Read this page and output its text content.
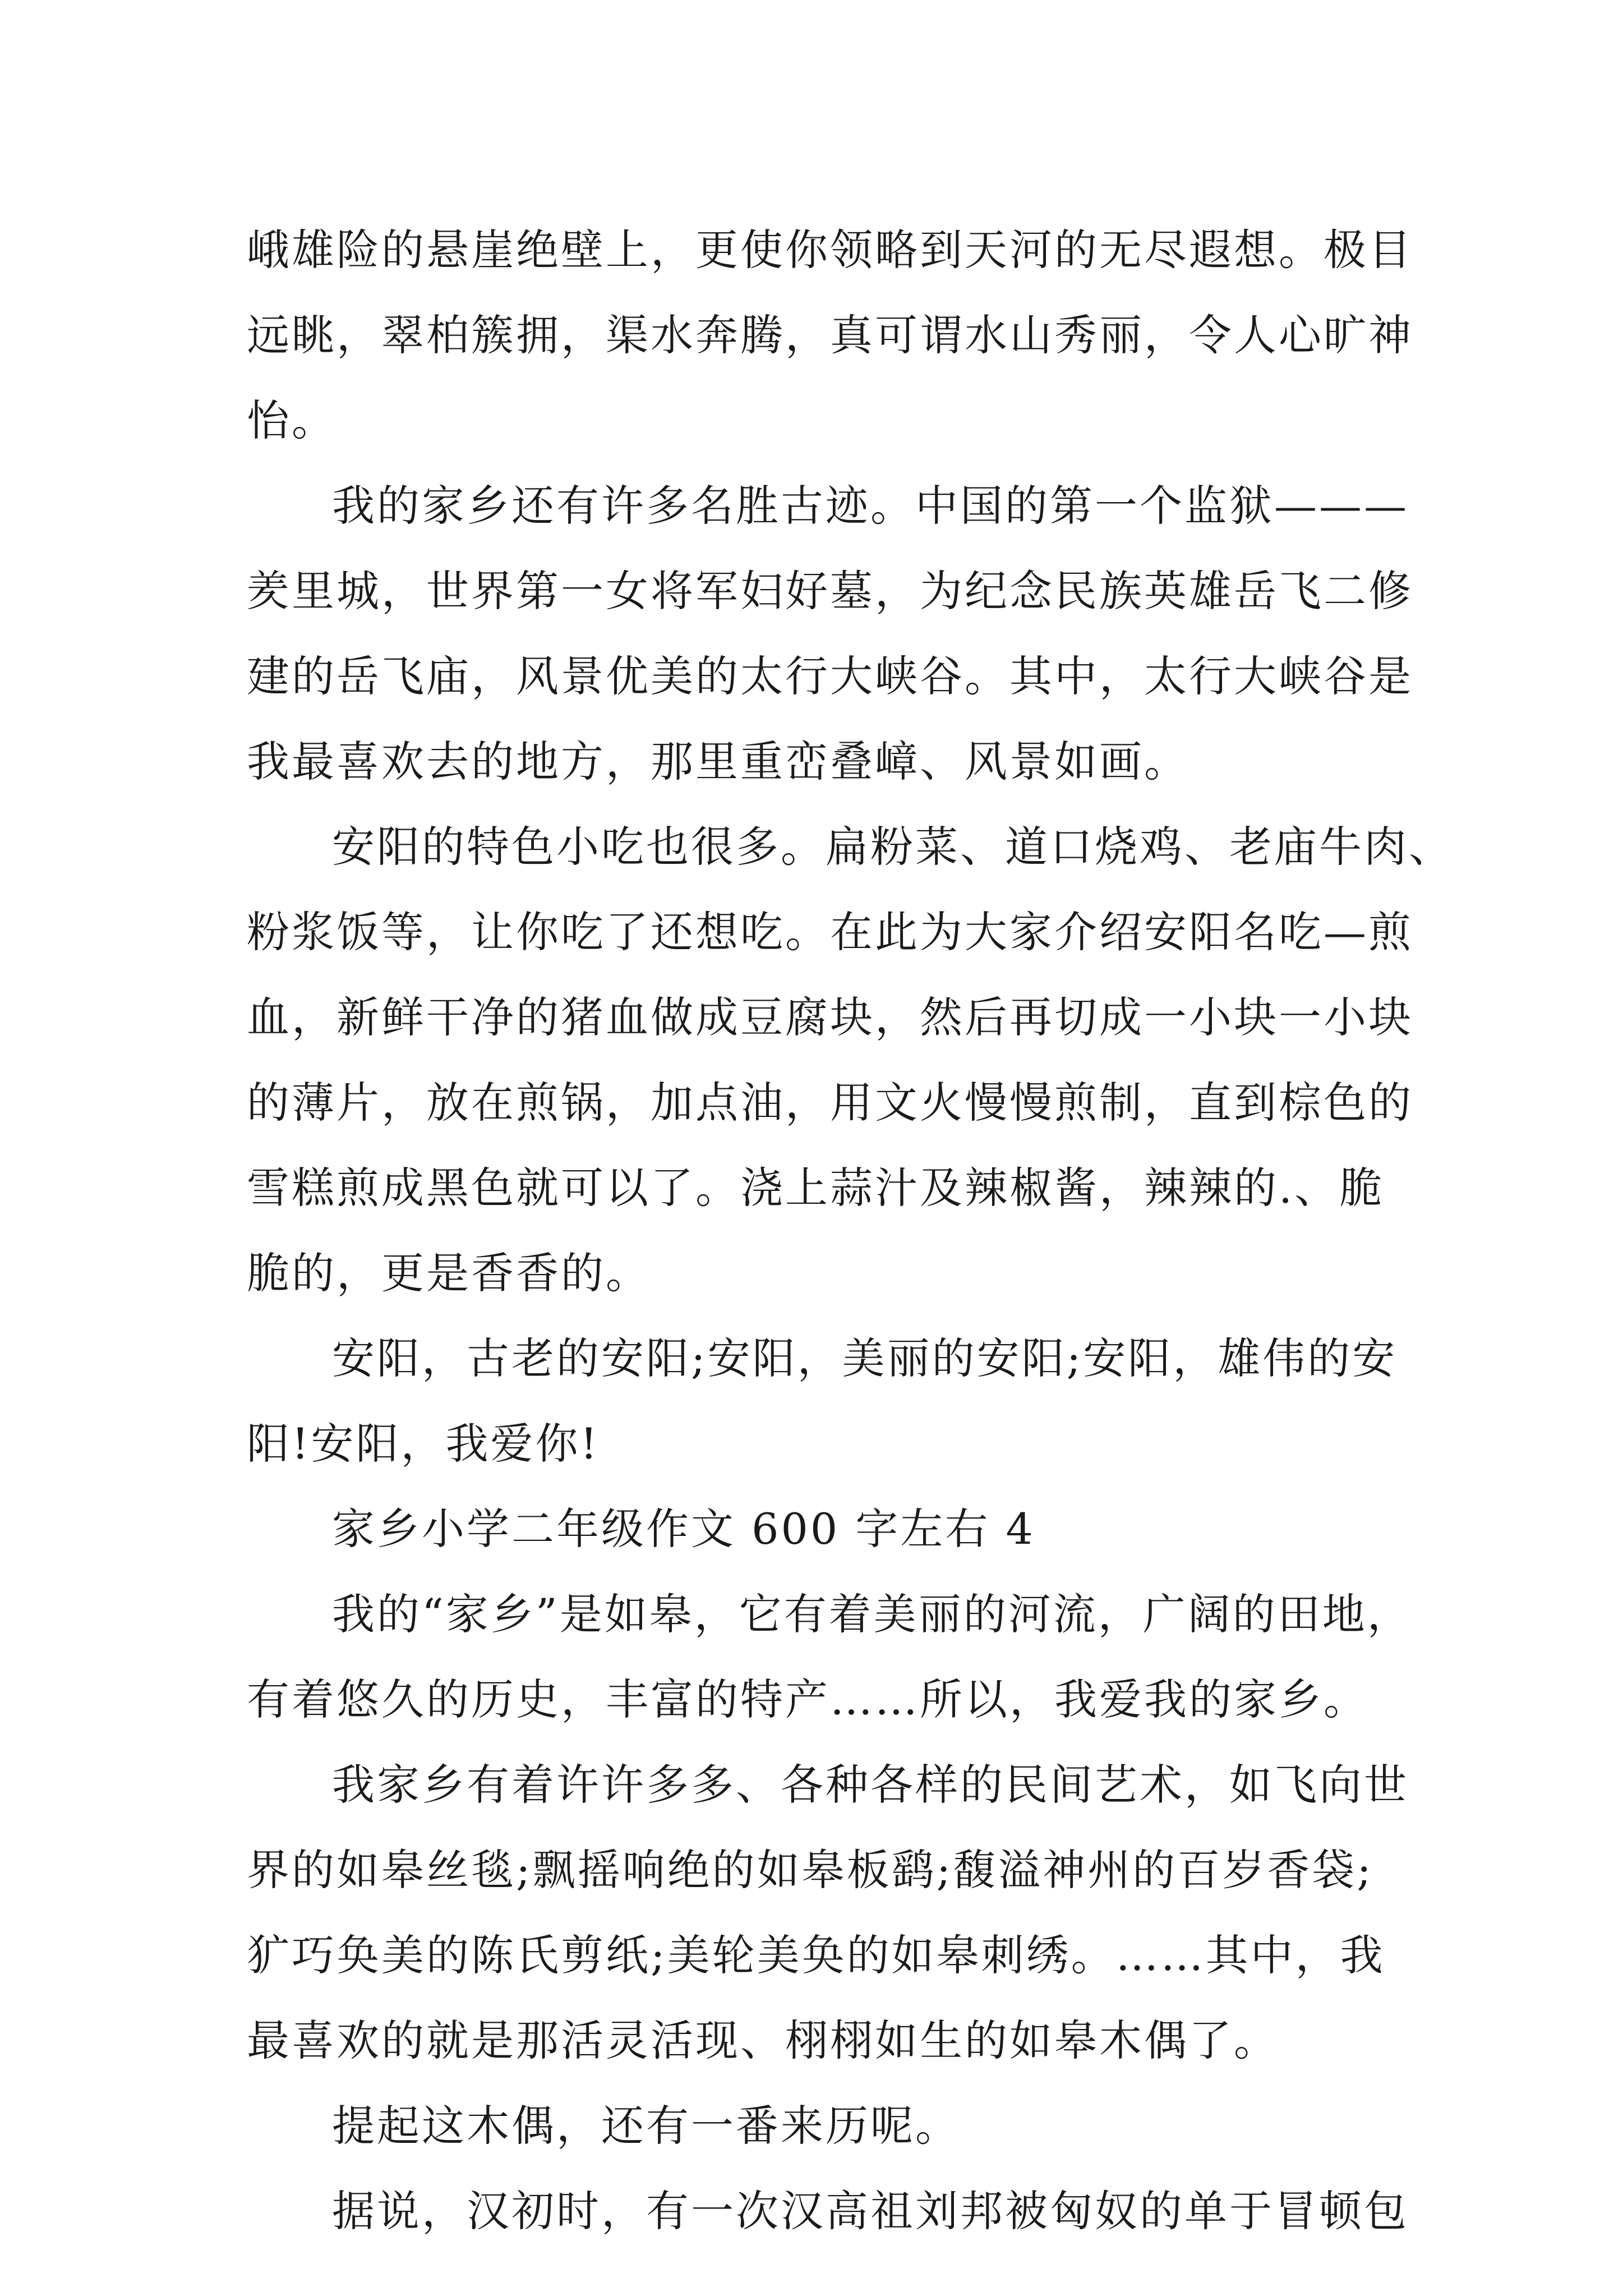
峨雄险的悬崖绝壁上，更使你领略到天河的无尽遐想。极目
远眺，翠柏簇拥，渠水奔腾，真可谓水山秀丽，令人心旷神
怡。
我的家乡还有许多名胜古迹。中国的第一个监狱———
羑里城，世界第一女将军妇好墓，为纪念民族英雄岳飞二修
建的岳飞庙，风景优美的太行大峡谷。其中，太行大峡谷是
我最喜欢去的地方，那里重峦叠嶂、风景如画。
安阳的特色小吃也很多。扁粉菜、道口烧鸡、老庙牛肉、
粉浆饭等，让你吃了还想吃。在此为大家介绍安阳名吃—煎
血，新鲜干净的猪血做成豆腐块，然后再切成一小块一小块
的薄片，放在煎锅，加点油，用文火慢慢煎制，直到棕色的
雪糕煎成黑色就可以了。浇上蒜汁及辣椒酱，辣辣的.、脆
脆的，更是香香的。
安阳，古老的安阳;安阳，美丽的安阳;安阳，雄伟的安
阳!安阳，我爱你!
家乡小学二年级作文 600 字左右 4
我的“家乡”是如皋，它有着美丽的河流，广阔的田地，
有着悠久的历史，丰富的特产……所以，我爱我的家乡。
我家乡有着许许多多、各种各样的民间艺术，如飞向世
界的如皋丝毯;飘摇响绝的如皋板鹞;馥溢神州的百岁香袋;
犷巧奂美的陈氏剪纸;美轮美奂的如皋刺绣。……其中，我
最喜欢的就是那活灵活现、栩栩如生的如皋木偶了。
提起这木偶，还有一番来历呢。
据说，汉初时，有一次汉高祖刘邦被匈奴的单于冒顿包
